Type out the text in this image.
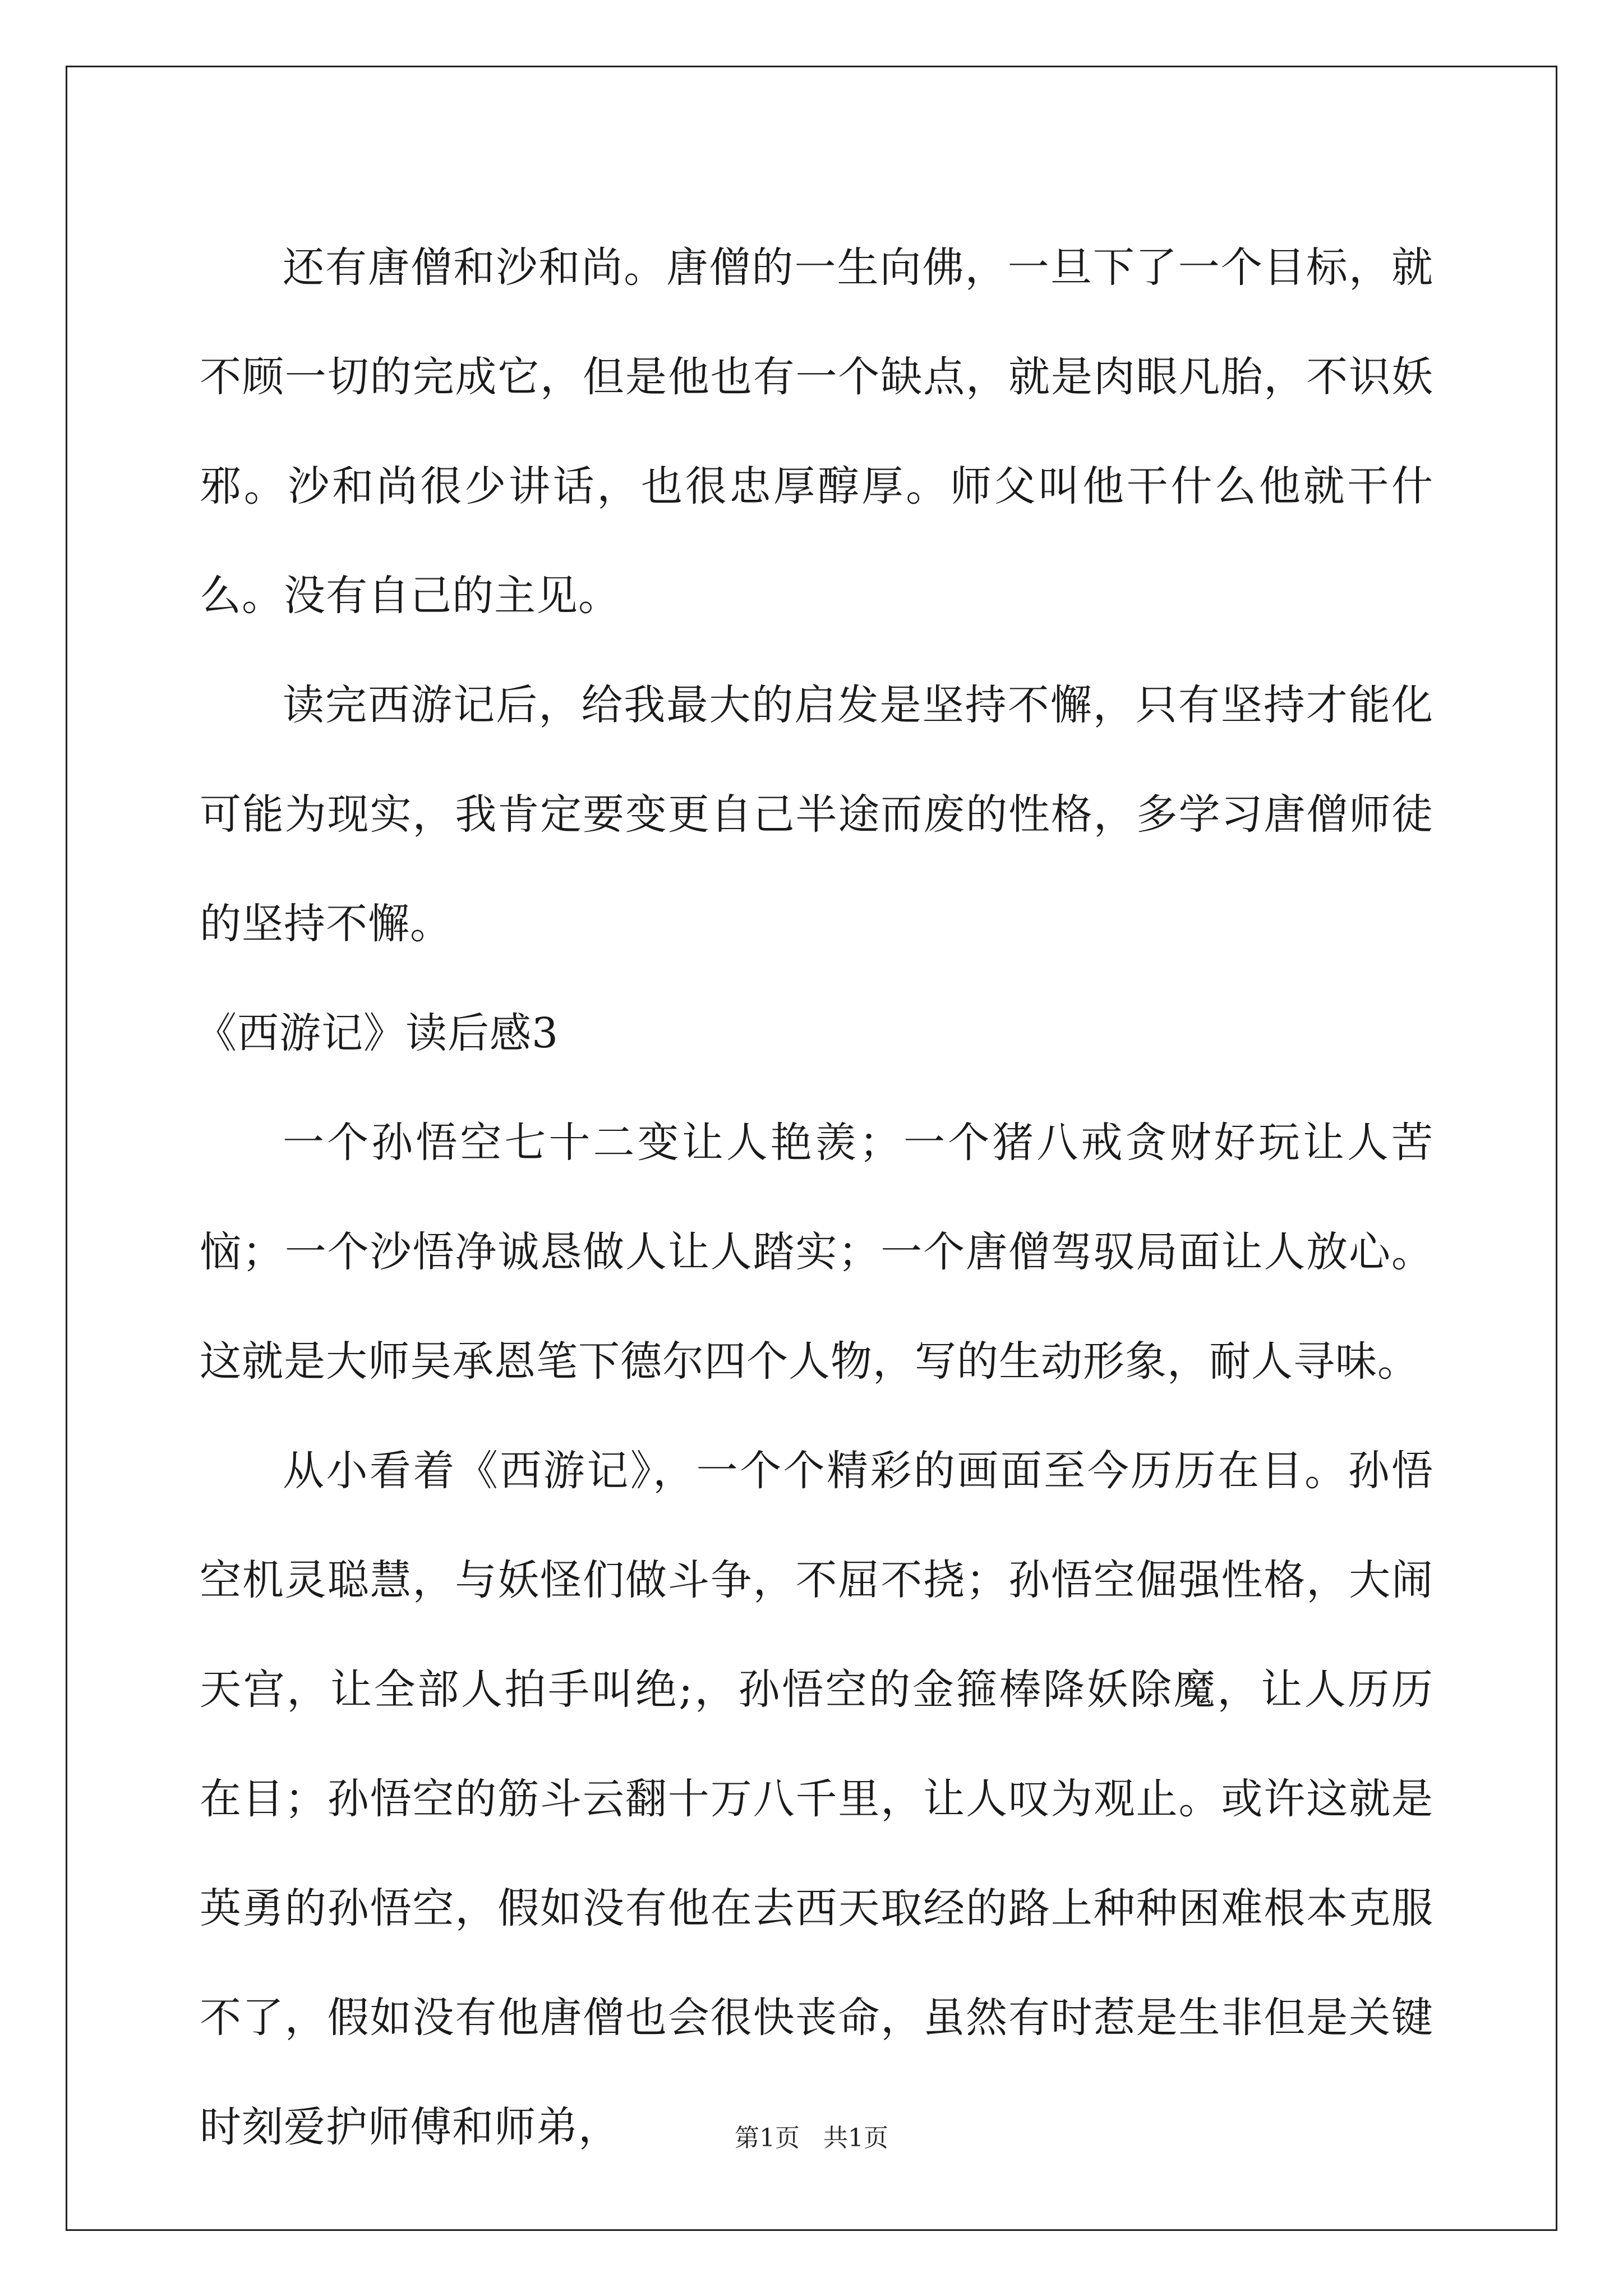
还有唐僧和沙和尚。唐僧的一生向佛，一旦下了一个目标，就不顾一切的完成它，但是他也有一个缺点，就是肉眼凡胎，不识妖邪。沙和尚很少讲话，也很忠厚醇厚。师父叫他干什么他就干什么。没有自己的主见。

读完西游记后，给我最大的启发是坚持不懈，只有坚持才能化可能为现实，我肯定要变更自己半途而废的性格，多学习唐僧师徒的坚持不懈。

《西游记》读后感3

一个孙悟空七十二变让人艳羡；一个猪八戒贪财好玩让人苦恼；一个沙悟净诚恳做人让人踏实；一个唐僧驾驭局面让人放心。这就是大师吴承恩笔下德尔四个人物，写的生动形象，耐人寻味。

从小看着《西游记》，一个个精彩的画面至今历历在目。孙悟空机灵聪慧，与妖怪们做斗争，不屈不挠；孙悟空倔强性格，大闹天宫，让全部人拍手叫绝;，孙悟空的金箍棒降妖除魔，让人历历在目；孙悟空的筋斗云翻十万八千里，让人叹为观止。或许这就是英勇的孙悟空，假如没有他在去西天取经的路上种种困难根本克服不了，假如没有他唐僧也会很快丧命，虽然有时惹是生非但是关键时刻爱护师傅和师弟，	第1页 共1页
